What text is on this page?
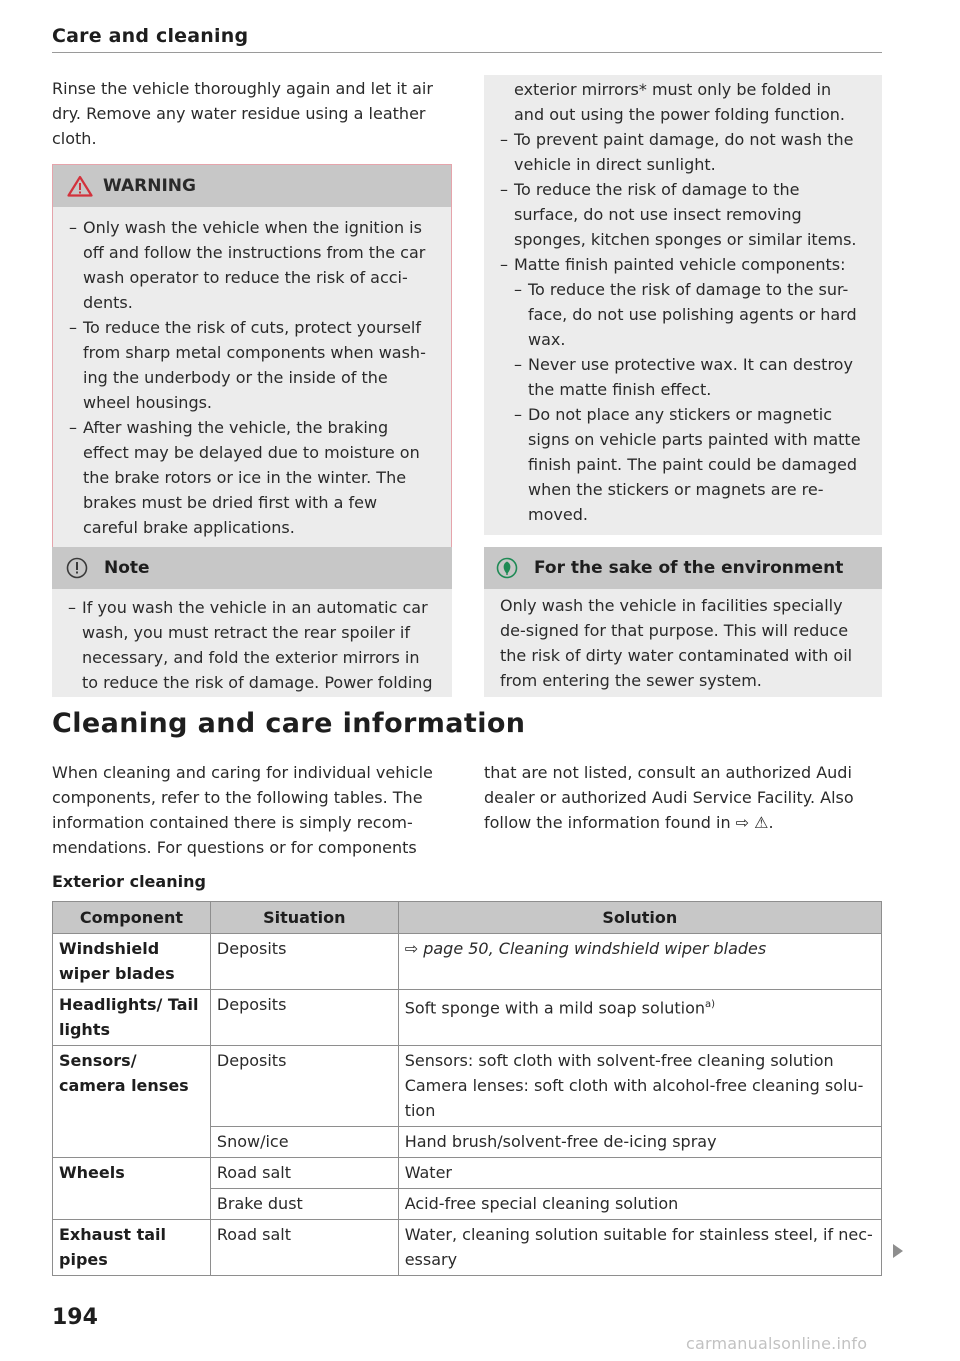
Care and cleaning

Rinse the vehicle thoroughly again and let it air dry. Remove any water residue using a leather cloth.

WARNING
– Only wash the vehicle when the ignition is off and follow the instructions from the car wash operator to reduce the risk of acci-dents.
– To reduce the risk of cuts, protect yourself from sharp metal components when wash-ing the underbody or the inside of the wheel housings.
– After washing the vehicle, the braking effect may be delayed due to moisture on the brake rotors or ice in the winter. The brakes must be dried first with a few careful brake applications.
Note
– If you wash the vehicle in an automatic car wash, you must retract the rear spoiler if necessary, and fold the exterior mirrors in to reduce the risk of damage. Power folding
exterior mirrors* must only be folded in and out using the power folding function.
– To prevent paint damage, do not wash the vehicle in direct sunlight.
– To reduce the risk of damage to the surface, do not use insect removing sponges, kitchen sponges or similar items.
– Matte finish painted vehicle components:
– To reduce the risk of damage to the sur-face, do not use polishing agents or hard wax.
– Never use protective wax. It can destroy the matte finish effect.
– Do not place any stickers or magnetic signs on vehicle parts painted with matte finish paint. The paint could be damaged when the stickers or magnets are re-moved.
For the sake of the environment
Only wash the vehicle in facilities specially de-signed for that purpose. This will reduce the risk of dirty water contaminated with oil from entering the sewer system.
Cleaning and care information

When cleaning and caring for individual vehicle components, refer to the following tables. The information contained there is simply recom-mendations. For questions or for components

that are not listed, consult an authorized Audi dealer or authorized Audi Service Facility. Also follow the information found in ⇨ ⚠.

Exterior cleaning
Component	Situation	Solution
Windshield wiper blades	Deposits	⇨ page 50, Cleaning windshield wiper blades
Headlights/ Tail lights	Deposits	Soft sponge with a mild soap solution$^{a)}$
Sensors/ camera lenses	Deposits	Sensors: soft cloth with solvent-free cleaning solution
Camera lenses: soft cloth with alcohol-free cleaning solu-tion

	Snow/ice	Hand brush/solvent-free de-icing spray
Wheels	Road salt	Water
	Brake dust	Acid-free special cleaning solution
Exhaust tail pipes	Road salt	Water, cleaning solution suitable for stainless steel, if nec-essary
194
carmanualsonline.info
